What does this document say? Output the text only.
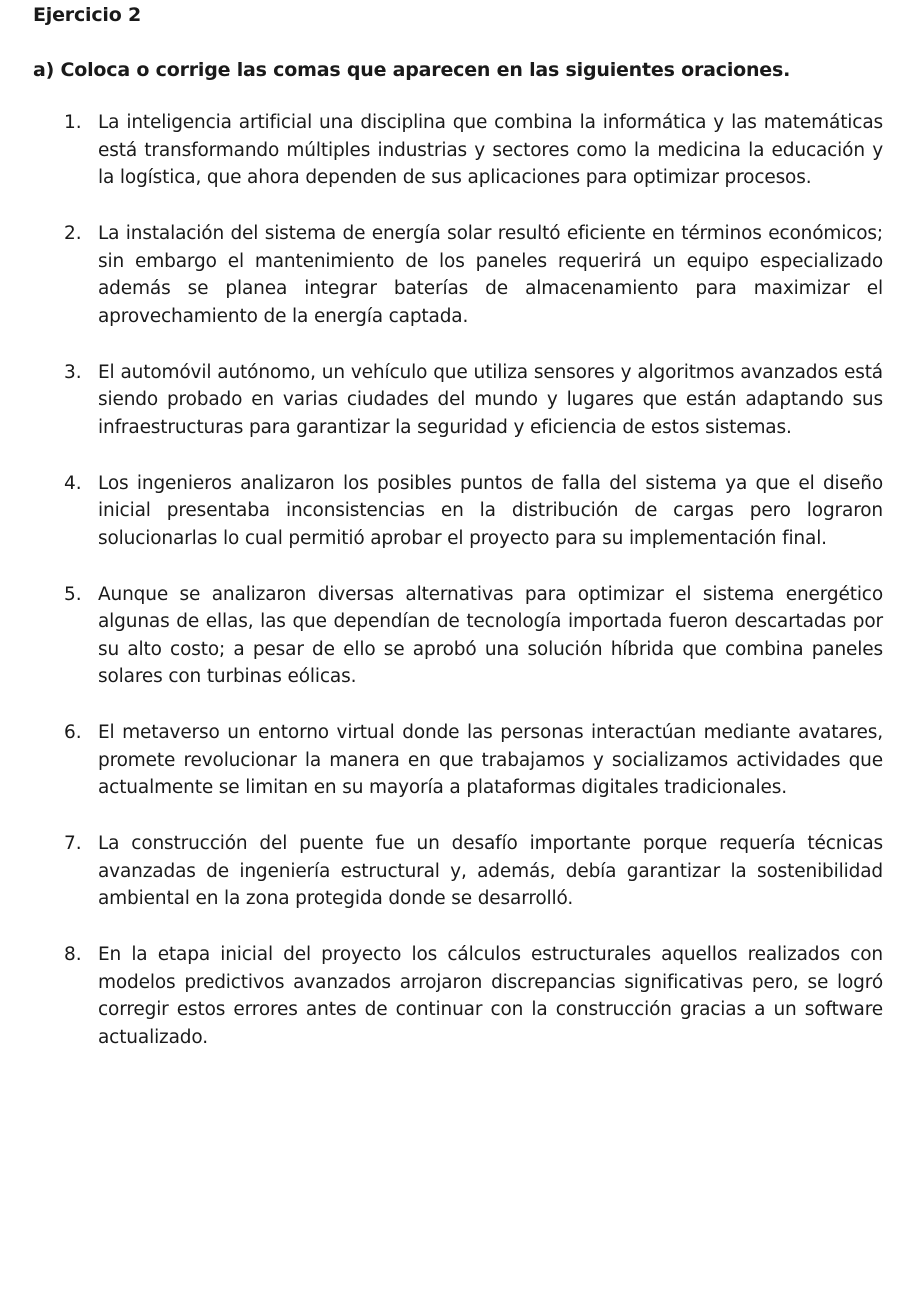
Ejercicio 2
a) Coloca o corrige las comas que aparecen en las siguientes oraciones.
1. La inteligencia artificial una disciplina que combina la informática y las matemáticas está transformando múltiples industrias y sectores como la medicina la educación y la logística, que ahora dependen de sus aplicaciones para optimizar procesos.
2. La instalación del sistema de energía solar resultó eficiente en términos económicos; sin embargo el mantenimiento de los paneles requerirá un equipo especializado además se planea integrar baterías de almacenamiento para maximizar el aprovechamiento de la energía captada.
3. El automóvil autónomo, un vehículo que utiliza sensores y algoritmos avanzados está siendo probado en varias ciudades del mundo y lugares que están adaptando sus infraestructuras para garantizar la seguridad y eficiencia de estos sistemas.
4. Los ingenieros analizaron los posibles puntos de falla del sistema ya que el diseño inicial presentaba inconsistencias en la distribución de cargas pero lograron solucionarlas lo cual permitió aprobar el proyecto para su implementación final.
5. Aunque se analizaron diversas alternativas para optimizar el sistema energético algunas de ellas, las que dependían de tecnología importada fueron descartadas por su alto costo; a pesar de ello se aprobó una solución híbrida que combina paneles solares con turbinas eólicas.
6. El metaverso un entorno virtual donde las personas interactúan mediante avatares, promete revolucionar la manera en que trabajamos y socializamos actividades que actualmente se limitan en su mayoría a plataformas digitales tradicionales.
7. La construcción del puente fue un desafío importante porque requería técnicas avanzadas de ingeniería estructural y, además, debía garantizar la sostenibilidad ambiental en la zona protegida donde se desarrolló.
8. En la etapa inicial del proyecto los cálculos estructurales aquellos realizados con modelos predictivos avanzados arrojaron discrepancias significativas pero, se logró corregir estos errores antes de continuar con la construcción gracias a un software actualizado.
